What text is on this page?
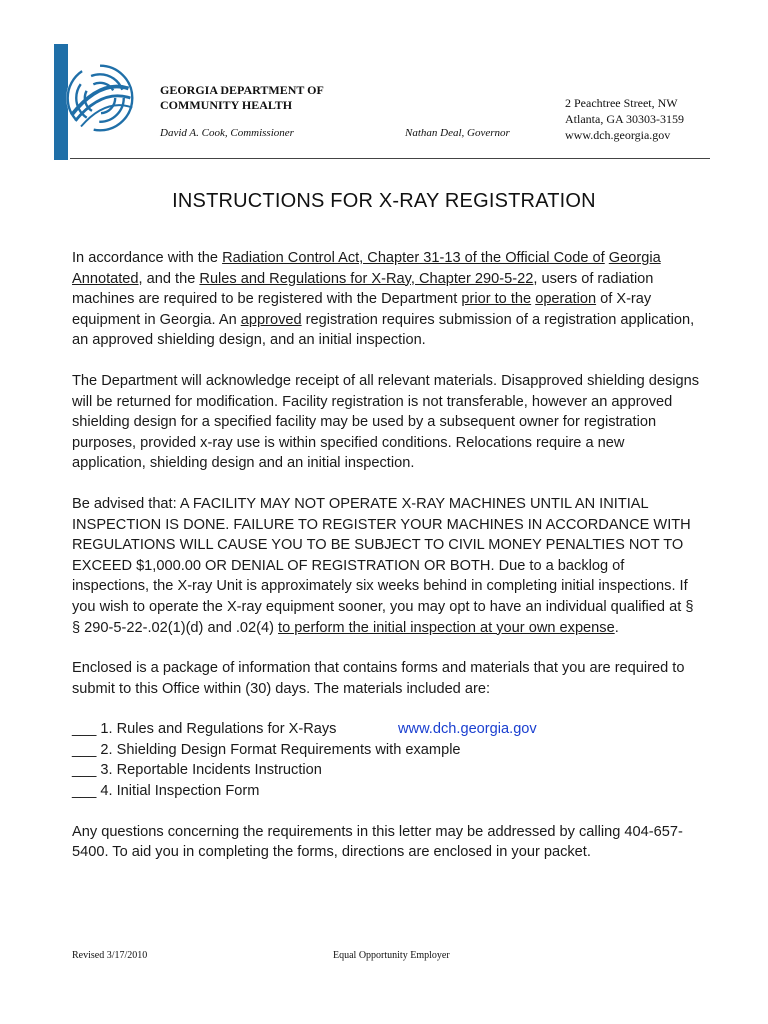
GEORGIA DEPARTMENT OF
COMMUNITY HEALTH
David A. Cook, Commissioner	Nathan Deal, Governor
2 Peachtree Street, NW
Atlanta, GA 30303-3159
www.dch.georgia.gov
INSTRUCTIONS FOR X-RAY REGISTRATION

In accordance with the Radiation Control Act, Chapter 31-13 of the Official Code of Georgia Annotated, and the Rules and Regulations for X-Ray, Chapter 290-5-22, users of radiation machines are required to be registered with the Department prior to the operation of X-ray equipment in Georgia. An approved registration requires submission of a registration application, an approved shielding design, and an initial inspection.

The Department will acknowledge receipt of all relevant materials. Disapproved shielding designs will be returned for modification. Facility registration is not transferable, however an approved shielding design for a specified facility may be used by a subsequent owner for registration purposes, provided x-ray use is within specified conditions. Relocations require a new application, shielding design and an initial inspection.

Be advised that: A FACILITY MAY NOT OPERATE X-RAY MACHINES UNTIL AN INITIAL INSPECTION IS DONE. FAILURE TO REGISTER YOUR MACHINES IN ACCORDANCE WITH REGULATIONS WILL CAUSE YOU TO BE SUBJECT TO CIVIL MONEY PENALTIES NOT TO EXCEED $1,000.00 OR DENIAL OF REGISTRATION OR BOTH. Due to a backlog of inspections, the X-ray Unit is approximately six weeks behind in completing initial inspections. If you wish to operate the X-ray equipment sooner, you may opt to have an individual qualified at § § 290-5-22-.02(1)(d) and .02(4) to perform the initial inspection at your own expense.

Enclosed is a package of information that contains forms and materials that you are required to submit to this Office within (30) days. The materials included are:

___ 1. Rules and Regulations for X-Rays	www.dch.georgia.gov
___ 2. Shielding Design Format Requirements with example
___ 3. Reportable Incidents Instruction
___ 4. Initial Inspection Form

Any questions concerning the requirements in this letter may be addressed by calling 404-657-5400. To aid you in completing the forms, directions are enclosed in your packet.

Revised 3/17/2010	Equal Opportunity Employer
